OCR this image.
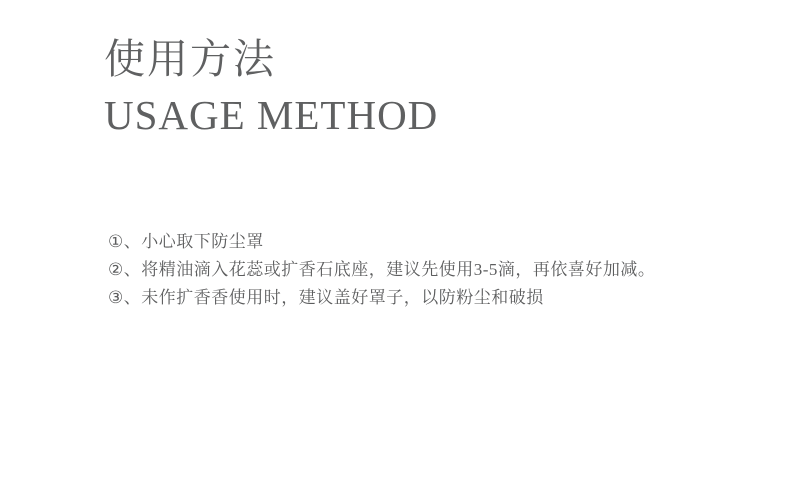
使用方法
USAGE METHOD
①、 小心取下防尘罩
②、 将精油滴入花蕊或扩香石底座，建议先使用3-5滴，再依喜好加减。
③、 未作扩香香使用时，建议盖好罩子，以防粉尘和破损
